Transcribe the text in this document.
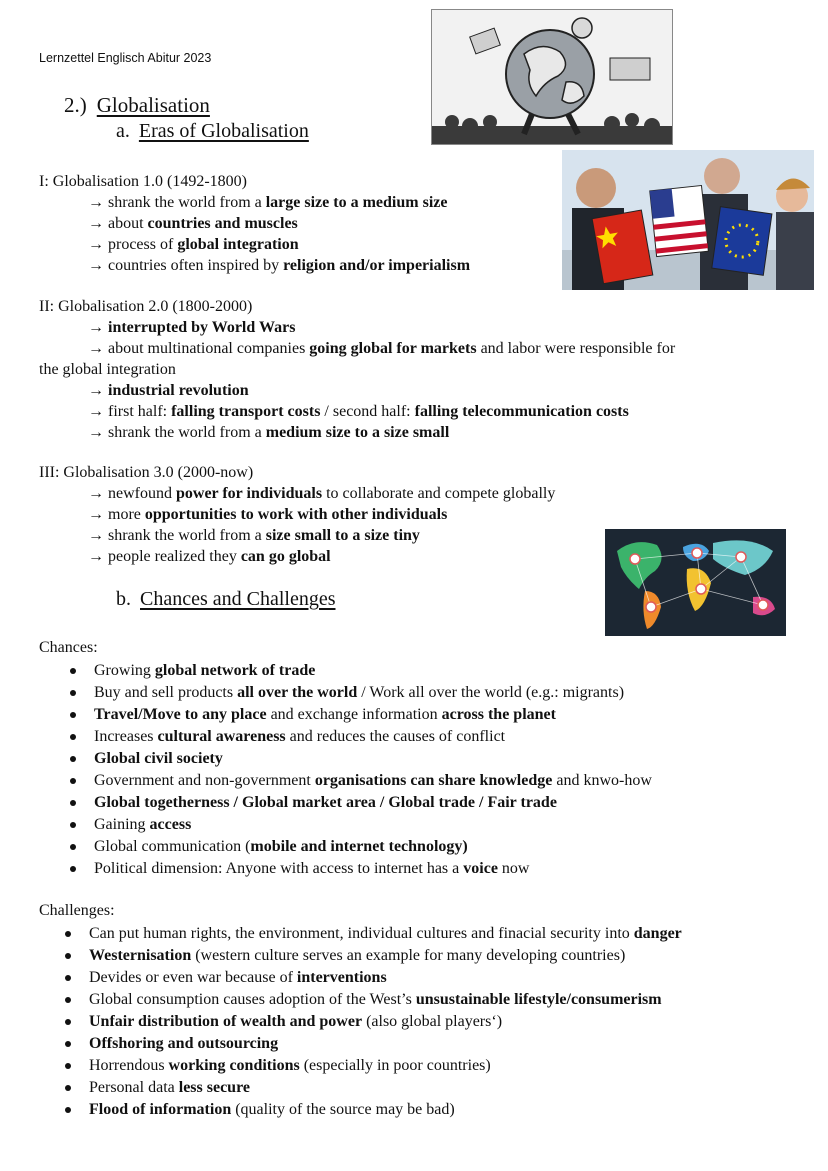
Lernzettel Englisch Abitur 2023
2.) Globalisation
a. Eras of Globalisation
I: Globalisation 1.0 (1492-1800)
→ shrank the world from a large size to a medium size
→ about countries and muscles
→ process of global integration
→ countries often inspired by religion and/or imperialism
II: Globalisation 2.0 (1800-2000)
→ interrupted by World Wars
→ about multinational companies going global for markets and labor were responsible for
the global integration
→ industrial revolution
→ first half: falling transport costs / second half: falling telecommunication costs
→ shrank the world from a medium size to a size small
III: Globalisation 3.0 (2000-now)
→ newfound power for individuals to collaborate and compete globally
→ more opportunities to work with other individuals
→ shrank the world from a size small to a size tiny
→ people realized they can go global
b. Chances and Challenges
Chances:
Growing global network of trade
Buy and sell products all over the world / Work all over the world (e.g.: migrants)
Travel/Move to any place and exchange information across the planet
Increases cultural awareness and reduces the causes of conflict
Global civil society
Government and non-government organisations can share knowledge and knwo-how
Global togetherness / Global market area / Global trade / Fair trade
Gaining access
Global communication (mobile and internet technology)
Political dimension: Anyone with access to internet has a voice now
Challenges:
Can put human rights, the environment, individual cultures and finacial security into danger
Westernisation (western culture serves an example for many developing countries)
Devides or even war because of interventions
Global consumption causes adoption of the West’s unsustainable lifestyle/consumerism
Unfair distribution of wealth and power (also global players‘)
Offshoring and outsourcing
Horrendous working conditions (especially in poor countries)
Personal data less secure
Flood of information (quality of the source may be bad)
